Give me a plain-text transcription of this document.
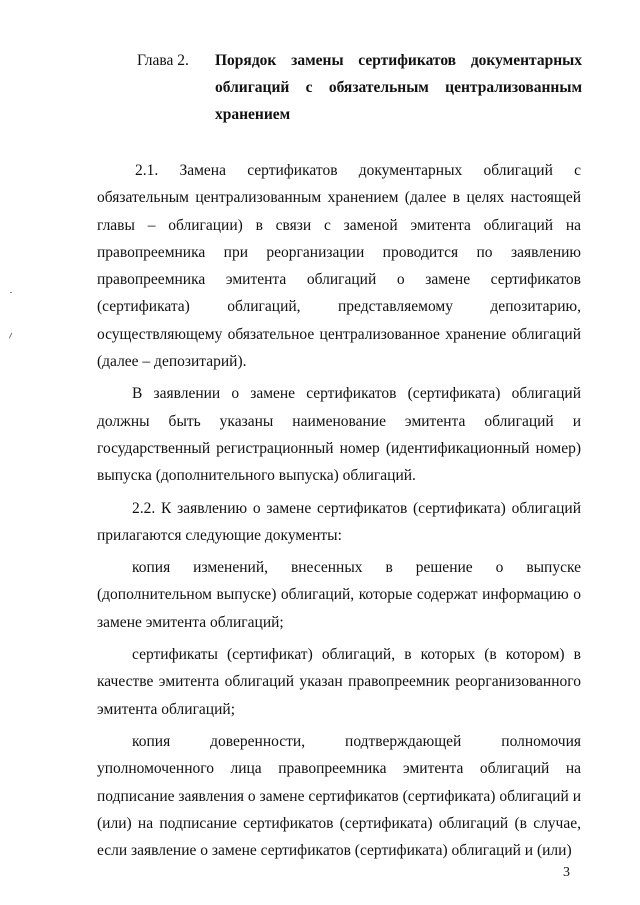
Глава 2.	Порядок замены сертификатов документарных облигаций с обязательным централизованным хранением

2.1. Замена сертификатов документарных облигаций с обязательным централизованным хранением (далее в целях настоящей главы – облигации) в связи с заменой эмитента облигаций на правопреемника при реорганизации проводится по заявлению правопреемника эмитента облигаций о замене сертификатов (сертификата) облигаций, представляемому депозитарию, осуществляющему обязательное централизованное хранение облигаций (далее – депозитарий).

В заявлении о замене сертификатов (сертификата) облигаций должны быть указаны наименование эмитента облигаций и государственный регистрационный номер (идентификационный номер) выпуска (дополнительного выпуска) облигаций.

2.2. К заявлению о замене сертификатов (сертификата) облигаций прилагаются следующие документы:

копия изменений, внесенных в решение о выпуске (дополнительном выпуске) облигаций, которые содержат информацию о замене эмитента облигаций;

сертификаты (сертификат) облигаций, в которых (в котором) в качестве эмитента облигаций указан правопреемник реорганизованного эмитента облигаций;

копия доверенности, подтверждающей полномочия уполномоченного лица правопреемника эмитента облигаций на подписание заявления о замене сертификатов (сертификата) облигаций и (или) на подписание сертификатов (сертификата) облигаций (в случае, если заявление о замене сертификатов (сертификата) облигаций и (или)

3
